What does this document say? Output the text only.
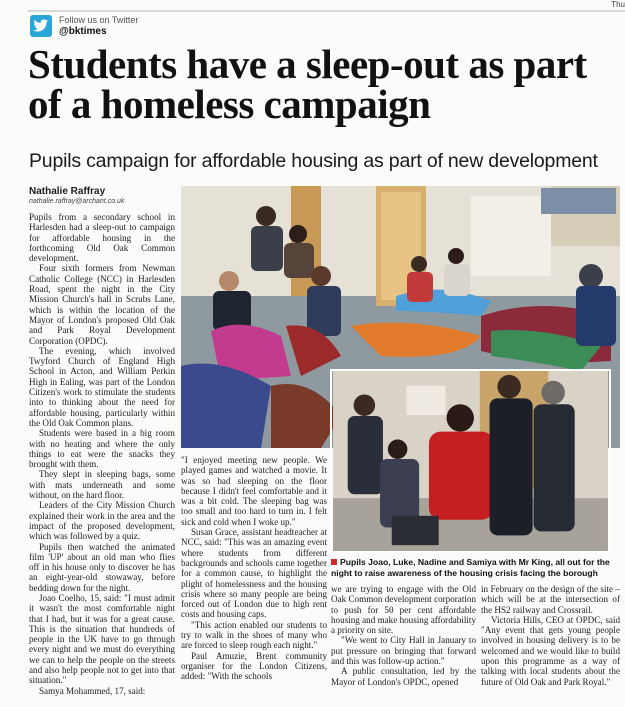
Thu
Follow us on Twitter
@bktimes
Students have a sleep-out as part of a homeless campaign
Pupils campaign for affordable housing as part of new development
Nathalie Raffray
nathalie.raffray@archant.co.uk

Pupils from a secondary school in Harlesden had a sleep-out to campaign for affordable housing in the forthcoming Old Oak Common development.

Four sixth formers from Newman Catholic College (NCC) in Harlesden Road, spent the night in the City Mission Church's hall in Scrubs Lane, which is within the location of the Mayor of London's proposed Old Oak and Park Royal Development Corporation (OPDC).

The evening, which involved Twyford Church of England High School in Acton, and William Perkin High in Ealing, was part of the London Citizen's work to stimulate the students into to thinking about the need for affordable housing, particularly within the Old Oak Common plans.

Students were based in a big room with no heating and where the only things to eat were the snacks they brought with them.

They slept in sleeping bags, some with mats underneath and some without, on the hard floor.

Leaders of the City Mission Church explained their work in the area and the impact of the proposed development, which was followed by a quiz.

Pupils then watched the animated film 'UP' about an old man who flies off in his house only to discover he has an eight-year-old stowaway, before bedding down for the night.

Joao Coelho, 15, said: "I must admit it wasn't the most comfortable night that I had, but it was for a great cause. This is the situation that hundreds of people in the UK have to go through every night and we must do everything we can to help the people on the streets and also help people not to get into that situation."

Samya Mohammed, 17, said:

Pupils Joao, Luke, Nadine and Samiya with Mr King, all out for the night to raise awareness of the housing crisis facing the borough

"I enjoyed meeting new people. We played games and watched a movie. It was so bad sleeping on the floor because I didn't feel comfortable and it was a bit cold. The sleeping bag was too small and too hard to turn in. I felt sick and cold when I woke up."

Susan Grace, assistant headteacher at NCC, said: "This was an amazing event where students from different backgrounds and schools came together for a common cause, to highlight the plight of homelessness and the housing crisis where so many people are being forced out of London due to high rent costs and housing caps.

"This action enabled our students to try to walk in the shoes of many who are forced to sleep rough each night."

Paul Amuzie, Brent community organiser for the London Citizens, added: "With the schools

we are trying to engage with the Old Oak Common development corporation to push for 50 per cent affordable housing and make housing affordability a priority on site.

"We went to City Hall in January to put pressure on bringing that forward and this was follow-up action."

A public consultation, led by the Mayor of London's OPDC, opened

in February on the design of the site – which will be at the intersection of the HS2 railway and Crossrail.

Victoria Hills, CEO at OPDC, said "Any event that gets young people involved in housing delivery is to be welcomed and we would like to build upon this programme as a way of talking with local students about the future of Old Oak and Park Royal."
